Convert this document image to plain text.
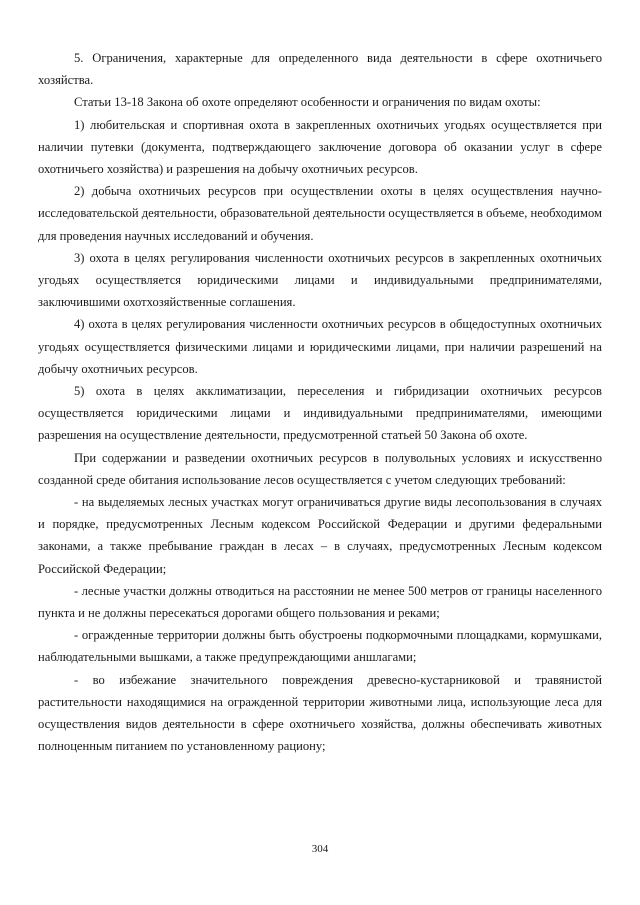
5. Ограничения, характерные для определенного вида деятельности в сфере охотничьего хозяйства.

Статьи 13-18 Закона об охоте определяют особенности и ограничения по видам охоты:

1) любительская и спортивная охота в закрепленных охотничьих угодьях осуществляется при наличии путевки (документа, подтверждающего заключение договора об оказании услуг в сфере охотничьего хозяйства) и разрешения на добычу охотничьих ресурсов.

2) добыча охотничьих ресурсов при осуществлении охоты в целях осуществления научно-исследовательской деятельности, образовательной деятельности осуществляется в объеме, необходимом для проведения научных исследований и обучения.

3) охота в целях регулирования численности охотничьих ресурсов в закрепленных охотничьих угодьях осуществляется юридическими лицами и индивидуальными предпринимателями, заключившими охотхозяйственные соглашения.

4) охота в целях регулирования численности охотничьих ресурсов в общедоступных охотничьих угодьях осуществляется физическими лицами и юридическими лицами, при наличии разрешений на добычу охотничьих ресурсов.

5) охота в целях акклиматизации, переселения и гибридизации охотничьих ресурсов осуществляется юридическими лицами и индивидуальными предпринимателями, имеющими разрешения на осуществление деятельности, предусмотренной статьей 50 Закона об охоте.

При содержании и разведении охотничьих ресурсов в полувольных условиях и искусственно созданной среде обитания использование лесов осуществляется с учетом следующих требований:

- на выделяемых лесных участках могут ограничиваться другие виды лесопользования в случаях и порядке, предусмотренных Лесным кодексом Российской Федерации и другими федеральными законами, а также пребывание граждан в лесах – в случаях, предусмотренных Лесным кодексом Российской Федерации;

- лесные участки должны отводиться на расстоянии не менее 500 метров от границы населенного пункта и не должны пересекаться дорогами общего пользования и реками;

- огражденные территории должны быть обустроены подкормочными площадками, кормушками, наблюдательными вышками, а также предупреждающими аншлагами;

- во избежание значительного повреждения древесно-кустарниковой и травянистой растительности находящимися на огражденной территории животными лица, использующие леса для осуществления видов деятельности в сфере охотничьего хозяйства, должны обеспечивать животных полноценным питанием по установленному рациону;

304
